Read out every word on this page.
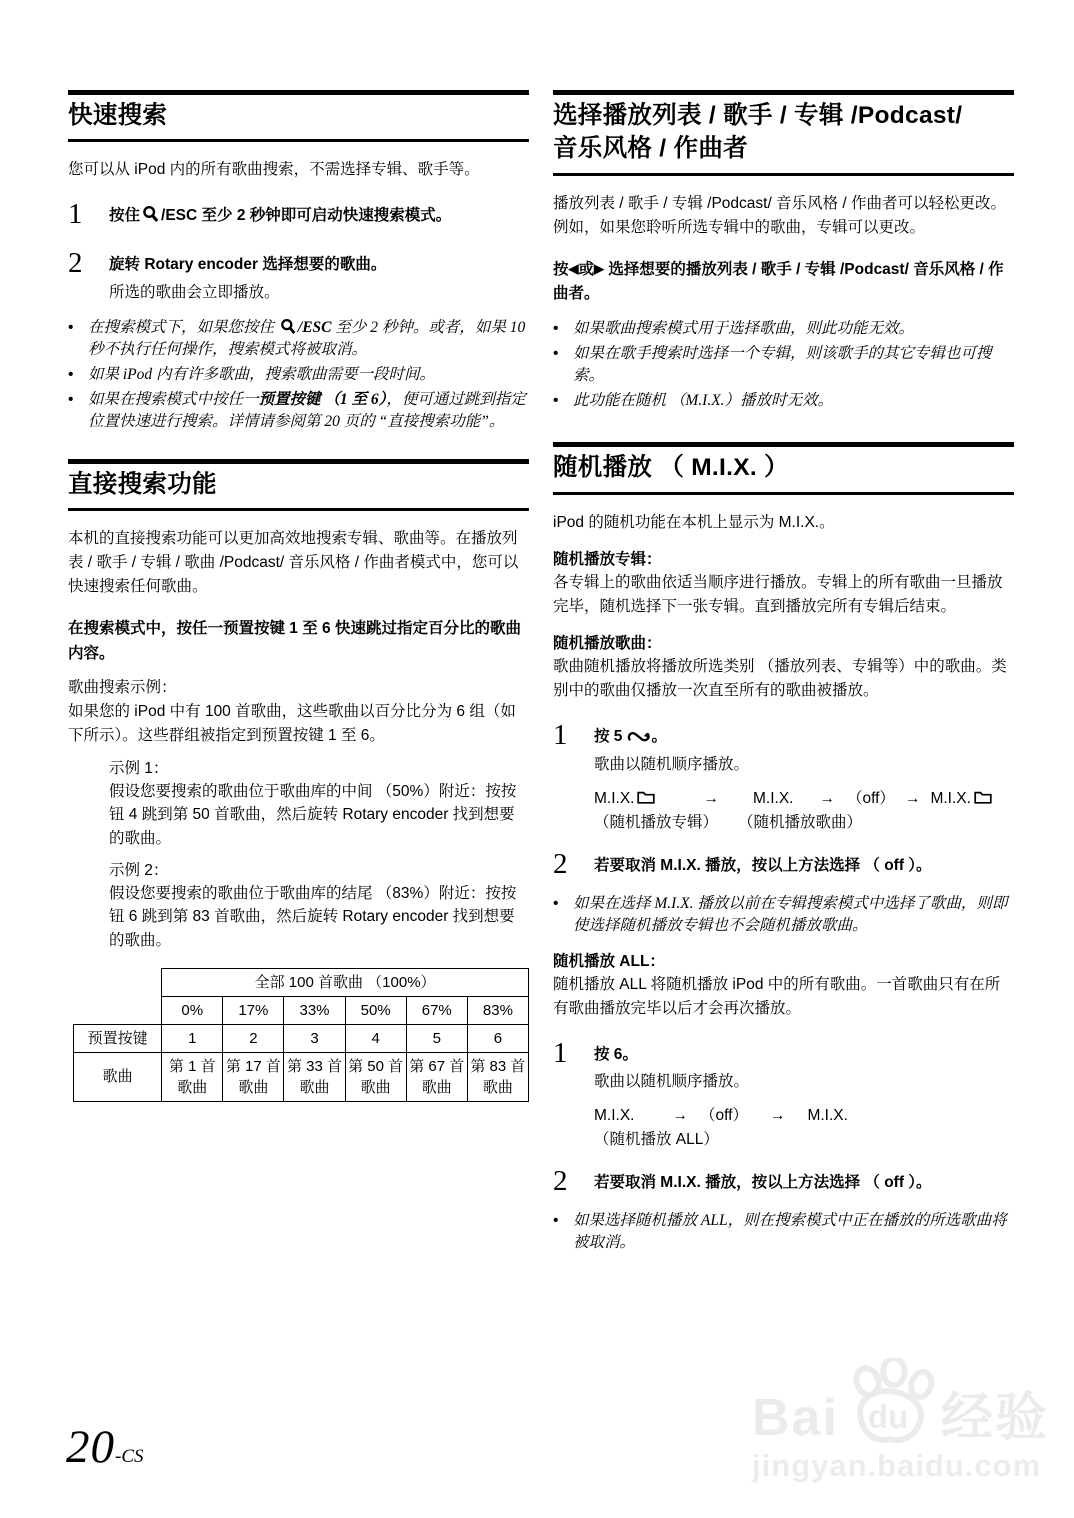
快速搜索

您可以从 iPod 内的所有歌曲搜索，不需选择专辑、歌手等。

1	按住 /ESC 至少 2 秒钟即可启动快速搜索模式。
2	旋转 Rotary encoder 选择想要的歌曲。
所选的歌曲会立即播放。
• 在搜索模式下，如果您按住 /ESC 至少 2 秒钟。或者，如果 10 秒不执行任何操作，搜索模式将被取消。
• 如果 iPod 内有许多歌曲，搜索歌曲需要一段时间。
• 如果在搜索模式中按任一预置按键 （1 至 6），便可通过跳到指定位置快速进行搜索。详情请参阅第 20 页的 “直接搜索功能”。
直接搜索功能

本机的直接搜索功能可以更加高效地搜索专辑、歌曲等。在播放列表 / 歌手 / 专辑 / 歌曲 /Podcast/ 音乐风格 / 作曲者模式中，您可以快速搜索任何歌曲。

在搜索模式中，按任一预置按键 1 至 6 快速跳过指定百分比的歌曲内容。

歌曲搜索示例：

如果您的 iPod 中有 100 首歌曲，这些歌曲以百分比分为 6 组（如下所示）。这些群组被指定到预置按键 1 至 6。

示例 1：

假设您要搜索的歌曲位于歌曲库的中间 （50%）附近：按按钮 4 跳到第 50 首歌曲，然后旋转 Rotary encoder 找到想要的歌曲。

示例 2：

假设您要搜索的歌曲位于歌曲库的结尾 （83%）附近：按按钮 6 跳到第 83 首歌曲，然后旋转 Rotary encoder 找到想要的歌曲。

	全部 100 首歌曲 （100%）					
	0%	17%	33%	50%	67%	83%
预置按键	1	2	3	4	5	6
歌曲	第 1 首 歌曲	第 17 首 歌曲	第 33 首 歌曲	第 50 首 歌曲	第 67 首 歌曲	第 83 首 歌曲
选择播放列表 / 歌手 / 专辑 /Podcast/
音乐风格 / 作曲者

播放列表 / 歌手 / 专辑 /Podcast/ 音乐风格 / 作曲者可以轻松更改。例如，如果您聆听所选专辑中的歌曲，专辑可以更改。

按◀或▶ 选择想要的播放列表 / 歌手 / 专辑 /Podcast/ 音乐风格 / 作曲者。

• 如果歌曲搜索模式用于选择歌曲，则此功能无效。
• 如果在歌手搜索时选择一个专辑，则该歌手的其它专辑也可搜索。
• 此功能在随机 （M.I.X.）播放时无效。
随机播放 （ M.I.X. ）

iPod 的随机功能在本机上显示为 M.I.X.。

随机播放专辑：

各专辑上的歌曲依适当顺序进行播放。专辑上的所有歌曲一旦播放完毕，随机选择下一张专辑。直到播放完所有专辑后结束。

随机播放歌曲：

歌曲随机播放将播放所选类别 （播放列表、专辑等）中的歌曲。类别中的歌曲仅播放一次直至所有的歌曲被播放。

1	按 5 。
歌曲以随机顺序播放。
M.I.X.	→ M.I.X. → （off） → M.I.X.
（随机播放专辑） （随机播放歌曲）
2	若要取消 M.I.X. 播放，按以上方法选择 （ off ）。
• 如果在选择 M.I.X. 播放以前在专辑搜索模式中选择了歌曲，则即使选择随机播放专辑也不会随机播放歌曲。

随机播放 ALL：

随机播放 ALL 将随机播放 iPod 中的所有歌曲。一首歌曲只有在所有歌曲播放完毕以后才会再次播放。

1	按 6。
歌曲以随机顺序播放。
M.I.X. → （off） → M.I.X.
（随机播放 ALL）
2	若要取消 M.I.X. 播放，按以上方法选择 （ off ）。
• 如果选择随机播放 ALL，则在搜索模式中正在播放的所选歌曲将被取消。
20-CS
Bai du 经验
jingyan.baidu.com
